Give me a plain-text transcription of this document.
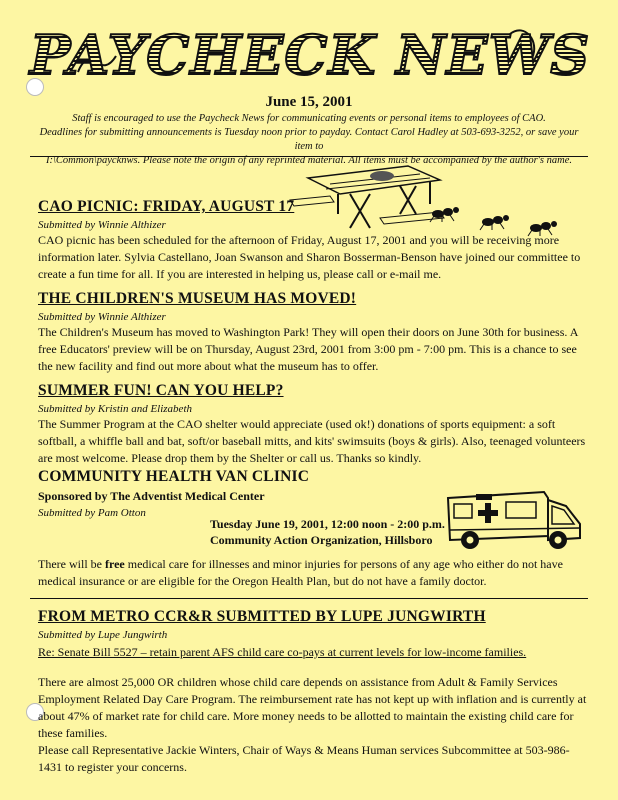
PAYCHECK NEWS
June 15, 2001
Staff is encouraged to use the Paycheck News for communicating events or personal items to employees of CAO.
Deadlines for submitting announcements is Tuesday noon prior to payday. Contact Carol Hadley at 503-693-3252, or save your item to
I:\Common\paycknws. Please note the origin of any reprinted material. All items must be accompanied by the author's name.
CAO PICNIC: FRIDAY, AUGUST 17
Submitted by Winnie Althizer

CAO picnic has been scheduled for the afternoon of Friday, August 17, 2001 and you will be receiving more information later. Sylvia Castellano, Joan Swanson and Sharon Bosserman-Benson have joined our committee to create a fun time for all. If you are interested in helping us, please call or e-mail me.

THE CHILDREN'S MUSEUM HAS MOVED!
Submitted by Winnie Althizer

The Children's Museum has moved to Washington Park! They will open their doors on June 30th for business. A free Educators' preview will be on Thursday, August 23rd, 2001 from 3:00 pm - 7:00 pm. This is a chance to see the new facility and find out more about what the museum has to offer.

SUMMER FUN! CAN YOU HELP?
Submitted by Kristin and Elizabeth

The Summer Program at the CAO shelter would appreciate (used ok!) donations of sports equipment: a soft softball, a whiffle ball and bat, soft/or baseball mitts, and kits' swimsuits (boys & girls). Also, teenaged volunteers are most welcome. Please drop them by the Shelter or call us. Thanks so kindly.

COMMUNITY HEALTH VAN CLINIC
Sponsored by The Adventist Medical Center
Submitted by Pam Otton
Tuesday June 19, 2001, 12:00 noon - 2:00 p.m.
Community Action Organization, Hillsboro

There will be free medical care for illnesses and minor injuries for persons of any age who either do not have medical insurance or are eligible for the Oregon Health Plan, but do not have a family doctor.

FROM METRO CCR&R SUBMITTED BY LUPE JUNGWIRTH
Submitted by Lupe Jungwirth
Re: Senate Bill 5527 – retain parent AFS child care co-pays at current levels for low-income families.

There are almost 25,000 OR children whose child care depends on assistance from Adult & Family Services Employment Related Day Care Program. The reimbursement rate has not kept up with inflation and is currently at about 47% of market rate for child care. More money needs to be allotted to maintain the existing child care for these families.

Please call Representative Jackie Winters, Chair of Ways & Means Human services Subcommittee at 503-986-1431 to register your concerns.
